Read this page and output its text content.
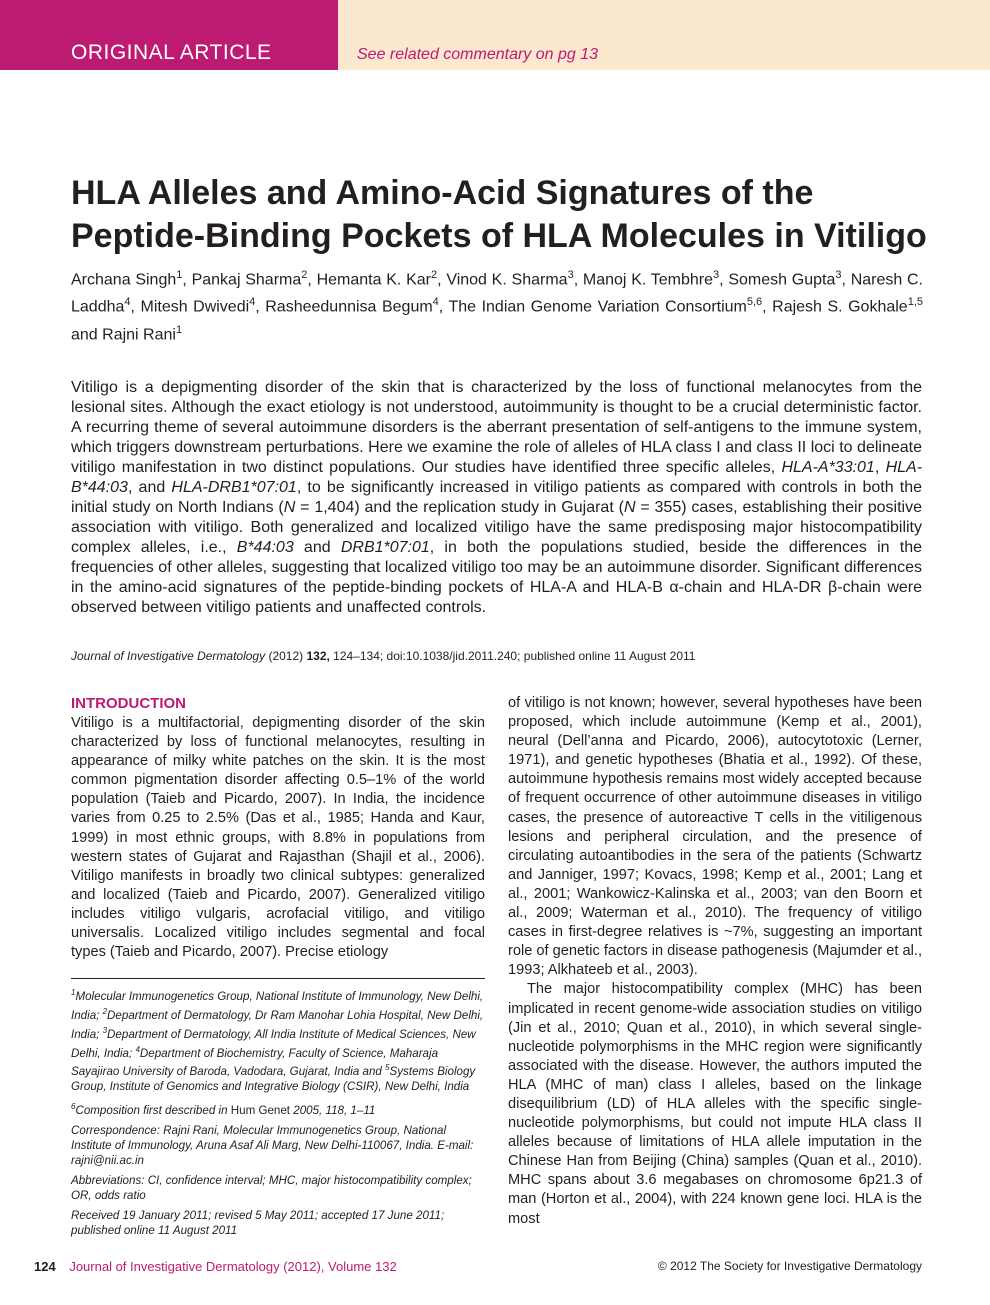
ORIGINAL ARTICLE	See related commentary on pg 13
HLA Alleles and Amino-Acid Signatures of the
Peptide-Binding Pockets of HLA Molecules in Vitiligo
Archana Singh$^1$, Pankaj Sharma$^2$, Hemanta K. Kar$^2$, Vinod K. Sharma$^3$, Manoj K. Tembhre$^3$, Somesh Gupta$^3$, Naresh C. Laddha$^4$, Mitesh Dwivedi$^4$, Rasheedunnisa Begum$^4$, The Indian Genome Variation Consortium$^{5,6}$, Rajesh S. Gokhale$^{1,5}$ and Rajni Rani$^1$
Vitiligo is a depigmenting disorder of the skin that is characterized by the loss of functional melanocytes from the lesional sites. Although the exact etiology is not understood, autoimmunity is thought to be a crucial deterministic factor. A recurring theme of several autoimmune disorders is the aberrant presentation of self-antigens to the immune system, which triggers downstream perturbations. Here we examine the role of alleles of HLA class I and class II loci to delineate vitiligo manifestation in two distinct populations. Our studies have identified three specific alleles, HLA-A*33:01, HLA-B*44:03, and HLA-DRB1*07:01, to be significantly increased in vitiligo patients as compared with controls in both the initial study on North Indians (N = 1,404) and the replication study in Gujarat (N = 355) cases, establishing their positive association with vitiligo. Both generalized and localized vitiligo have the same predisposing major histocompatibility complex alleles, i.e., B*44:03 and DRB1*07:01, in both the populations studied, beside the differences in the frequencies of other alleles, suggesting that localized vitiligo too may be an autoimmune disorder. Significant differences in the amino-acid signatures of the peptide-binding pockets of HLA-A and HLA-B α-chain and HLA-DR β-chain were observed between vitiligo patients and unaffected controls.
Journal of Investigative Dermatology (2012) 132, 124–134; doi:10.1038/jid.2011.240; published online 11 August 2011
INTRODUCTION

Vitiligo is a multifactorial, depigmenting disorder of the skin characterized by loss of functional melanocytes, resulting in appearance of milky white patches on the skin. It is the most common pigmentation disorder affecting 0.5–1% of the world population (Taieb and Picardo, 2007). In India, the incidence varies from 0.25 to 2.5% (Das et al., 1985; Handa and Kaur, 1999) in most ethnic groups, with 8.8% in populations from western states of Gujarat and Rajasthan (Shajil et al., 2006). Vitiligo manifests in broadly two clinical subtypes: generalized and localized (Taieb and Picardo, 2007). Generalized vitiligo includes vitiligo vulgaris, acrofacial vitiligo, and vitiligo universalis. Localized vitiligo includes segmental and focal types (Taieb and Picardo, 2007). Precise etiology

$^1$Molecular Immunogenetics Group, National Institute of Immunology, New Delhi, India; $^2$Department of Dermatology, Dr Ram Manohar Lohia Hospital, New Delhi, India; $^3$Department of Dermatology, All India Institute of Medical Sciences, New Delhi, India; $^4$Department of Biochemistry, Faculty of Science, Maharaja Sayajirao University of Baroda, Vadodara, Gujarat, India and $^5$Systems Biology Group, Institute of Genomics and Integrative Biology (CSIR), New Delhi, India

$^6$Composition first described in Hum Genet 2005, 118, 1–11

Correspondence: Rajni Rani, Molecular Immunogenetics Group, National Institute of Immunology, Aruna Asaf Ali Marg, New Delhi-110067, India. E-mail: rajni@nii.ac.in

Abbreviations: CI, confidence interval; MHC, major histocompatibility complex; OR, odds ratio

Received 19 January 2011; revised 5 May 2011; accepted 17 June 2011; published online 11 August 2011

of vitiligo is not known; however, several hypotheses have been proposed, which include autoimmune (Kemp et al., 2001), neural (Dell’anna and Picardo, 2006), autocytotoxic (Lerner, 1971), and genetic hypotheses (Bhatia et al., 1992). Of these, autoimmune hypothesis remains most widely accepted because of frequent occurrence of other autoimmune diseases in vitiligo cases, the presence of autoreactive T cells in the vitiligenous lesions and peripheral circulation, and the presence of circulating autoantibodies in the sera of the patients (Schwartz and Janniger, 1997; Kovacs, 1998; Kemp et al., 2001; Lang et al., 2001; Wankowicz-Kalinska et al., 2003; van den Boorn et al., 2009; Waterman et al., 2010). The frequency of vitiligo cases in first-degree relatives is ~7%, suggesting an important role of genetic factors in disease pathogenesis (Majumder et al., 1993; Alkhateeb et al., 2003).

The major histocompatibility complex (MHC) has been implicated in recent genome-wide association studies on vitiligo (Jin et al., 2010; Quan et al., 2010), in which several single-nucleotide polymorphisms in the MHC region were significantly associated with the disease. However, the authors imputed the HLA (MHC of man) class I alleles, based on the linkage disequilibrium (LD) of HLA alleles with the specific single-nucleotide polymorphisms, but could not impute HLA class II alleles because of limitations of HLA allele imputation in the Chinese Han from Beijing (China) samples (Quan et al., 2010). MHC spans about 3.6 megabases on chromosome 6p21.3 of man (Horton et al., 2004), with 224 known gene loci. HLA is the most

124 Journal of Investigative Dermatology (2012), Volume 132	© 2012 The Society for Investigative Dermatology
